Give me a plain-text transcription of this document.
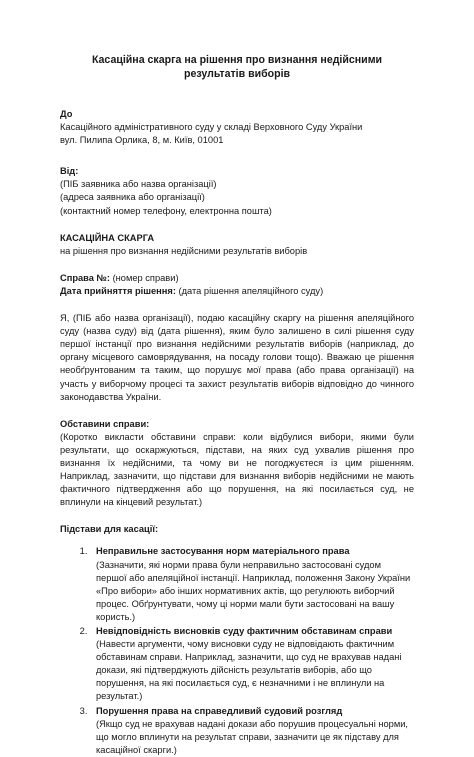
Касаційна скарга на рішення про визнання недійсними результатів виборів

До

Касаційного адміністративного суду у складі Верховного Суду України

вул. Пилипа Орлика, 8, м. Київ, 01001

Від:

(ПІБ заявника або назва організації)

(адреса заявника або організації)

(контактний номер телефону, електронна пошта)

КАСАЦІЙНА СКАРГА

на рішення про визнання недійсними результатів виборів

Справа №: (номер справи)

Дата прийняття рішення: (дата рішення апеляційного суду)

Я, (ПІБ або назва організації), подаю касаційну скаргу на рішення апеляційного суду (назва суду) від (дата рішення), яким було залишено в силі рішення суду першої інстанції про визнання недійсними результатів виборів (наприклад, до органу місцевого самоврядування, на посаду голови тощо). Вважаю це рішення необґрунтованим та таким, що порушує мої права (або права організації) на участь у виборчому процесі та захист результатів виборів відповідно до чинного законодавства України.

Обставини справи:

(Коротко викласти обставини справи: коли відбулися вибори, якими були результати, що оскаржуються, підстави, на яких суд ухвалив рішення про визнання їх недійсними, та чому ви не погоджуєтеся із цим рішенням. Наприклад, зазначити, що підстави для визнання виборів недійсними не мають фактичного підтвердження або що порушення, на які посилається суд, не вплинули на кінцевий результат.)

Підстави для касації:

1. Неправильне застосування норм матеріального права
(Зазначити, які норми права були неправильно застосовані судом першої або апеляційної інстанції. Наприклад, положення Закону України «Про вибори» або інших нормативних актів, що регулюють виборчий процес. Обґрунтувати, чому ці норми мали бути застосовані на вашу користь.)
2. Невідповідність висновків суду фактичним обставинам справи
(Навести аргументи, чому висновки суду не відповідають фактичним обставинам справи. Наприклад, зазначити, що суд не врахував надані докази, які підтверджують дійсність результатів виборів, або що порушення, на які посилається суд, є незначними і не вплинули на результат.)
3. Порушення права на справедливий судовий розгляд
(Якщо суд не врахував надані докази або порушив процесуальні норми, що могло вплинути на результат справи, зазначити це як підставу для касаційної скарги.)
